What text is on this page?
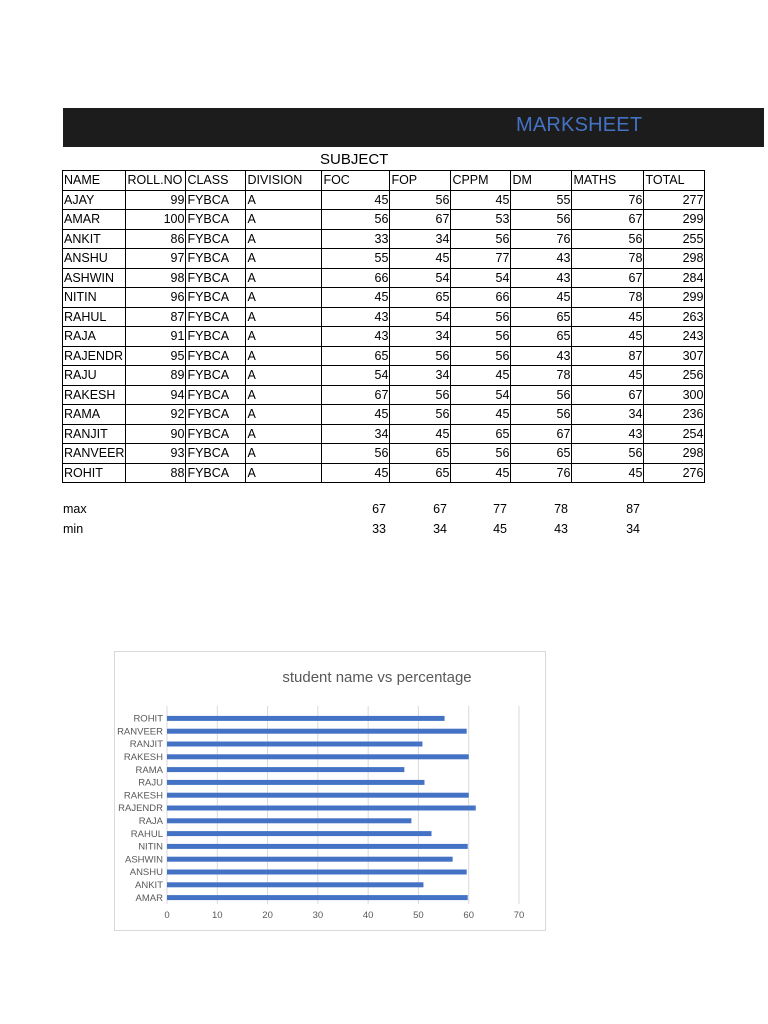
MARKSHEET
SUBJECT
NAME	ROLL.NO	CLASS	DIVISION	FOC	FOP	CPPM	DM	MATHS	TOTAL
AJAY	99	FYBCA	A	45	56	45	55	76	277
AMAR	100	FYBCA	A	56	67	53	56	67	299
ANKIT	86	FYBCA	A	33	34	56	76	56	255
ANSHU	97	FYBCA	A	55	45	77	43	78	298
ASHWIN	98	FYBCA	A	66	54	54	43	67	284
NITIN	96	FYBCA	A	45	65	66	45	78	299
RAHUL	87	FYBCA	A	43	54	56	65	45	263
RAJA	91	FYBCA	A	43	34	56	65	45	243
RAJENDR	95	FYBCA	A	65	56	56	43	87	307
RAJU	89	FYBCA	A	54	34	45	78	45	256
RAKESH	94	FYBCA	A	67	56	54	56	67	300
RAMA	92	FYBCA	A	45	56	45	56	34	236
RANJIT	90	FYBCA	A	34	45	65	67	43	254
RANVEER	93	FYBCA	A	56	65	56	65	56	298
ROHIT	88	FYBCA	A	45	65	45	76	45	276
max				67	67	77	78	87
min				33	34	45	43	34
student name vs percentage
0	10	20	30	40	50	60	70
AMAR
ANKIT
ANSHU
ASHWIN
NITIN
RAHUL
RAJA
RAJENDR
RAKESH
RAJU
RAMA
RAKESH
RANJIT
RANVEER
ROHIT
